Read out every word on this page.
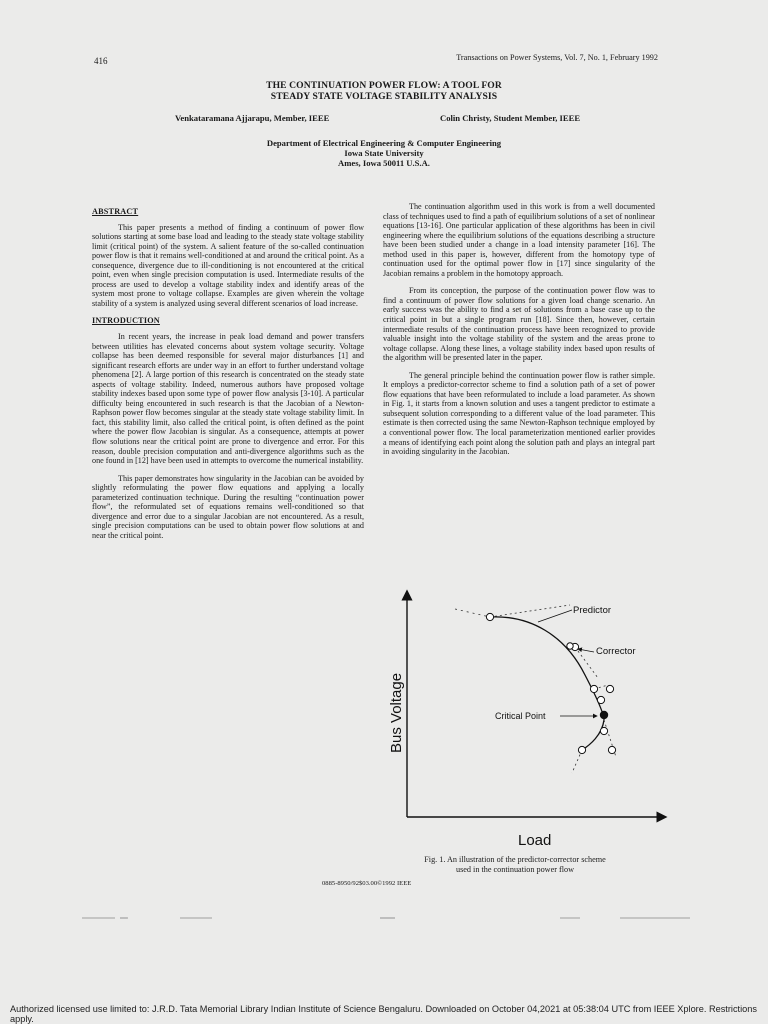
416	Transactions on Power Systems, Vol. 7, No. 1, February 1992
THE CONTINUATION POWER FLOW: A TOOL FOR
STEADY STATE VOLTAGE STABILITY ANALYSIS
Venkataramana Ajjarapu, Member, IEEE	Colin Christy, Student Member, IEEE
Department of Electrical Engineering & Computer Engineering
Iowa State University
Ames, Iowa 50011 U.S.A.
ABSTRACT

This paper presents a method of finding a continuum of power flow solutions starting at some base load and leading to the steady state voltage stability limit (critical point) of the system. A salient feature of the so-called continuation power flow is that it remains well-conditioned at and around the critical point. As a consequence, divergence due to ill-conditioning is not encountered at the critical point, even when single precision computation is used. Intermediate results of the process are used to develop a voltage stability index and identify areas of the system most prone to voltage collapse. Examples are given wherein the voltage stability of a system is analyzed using several different scenarios of load increase.

INTRODUCTION

In recent years, the increase in peak load demand and power transfers between utilities has elevated concerns about system voltage security. Voltage collapse has been deemed responsible for several major disturbances [1] and significant research efforts are under way in an effort to further understand voltage phenomena [2]. A large portion of this research is concentrated on the steady state aspects of voltage stability. Indeed, numerous authors have proposed voltage stability indexes based upon some type of power flow analysis [3-10]. A particular difficulty being encountered in such research is that the Jacobian of a Newton-Raphson power flow becomes singular at the steady state voltage stability limit. In fact, this stability limit, also called the critical point, is often defined as the point where the power flow Jacobian is singular. As a consequence, attempts at power flow solutions near the critical point are prone to divergence and error. For this reason, double precision computation and anti-divergence algorithms such as the one found in [12] have been used in attempts to overcome the numerical instability.

This paper demonstrates how singularity in the Jacobian can be avoided by slightly reformulating the power flow equations and applying a locally parameterized continuation technique. During the resulting “continuation power flow”, the reformulated set of equations remains well-conditioned so that divergence and error due to a singular Jacobian are not encountered. As a result, single precision computations can be used to obtain power flow solutions at and near the critical point.

The continuation algorithm used in this work is from a well documented class of techniques used to find a path of equilibrium solutions of a set of nonlinear equations [13-16]. One particular application of these algorithms has been in civil engineering where the equilibrium solutions of the equations describing a structure have been been studied under a change in a load intensity parameter [16]. The method used in this paper is, however, different from the homotopy type of continuation used for the optimal power flow in [17] since singularity of the Jacobian remains a problem in the homotopy approach.

From its conception, the purpose of the continuation power flow was to find a continuum of power flow solutions for a given load change scenario. An early success was the ability to find a set of solutions from a base case up to the critical point in but a single program run [18]. Since then, however, certain intermediate results of the continuation process have been recognized to provide valuable insight into the voltage stability of the system and the areas prone to voltage collapse. Along these lines, a voltage stability index based upon results of the algorithm will be presented later in the paper.

The general principle behind the continuation power flow is rather simple. It employs a predictor-corrector scheme to find a solution path of a set of power flow equations that have been reformulated to include a load parameter. As shown in Fig. 1, it starts from a known solution and uses a tangent predictor to estimate a subsequent solution corresponding to a different value of the load parameter. This estimate is then corrected using the same Newton-Raphson technique employed by a conventional power flow. The local parameterization mentioned earlier provides a means of identifying each point along the solution path and plays an integral part in avoiding singularity in the Jacobian.

Predictor
Corrector
Critical Point
Bus Voltage
Load
Fig. 1. An illustration of the predictor-corrector scheme
used in the continuation power flow
0885-8950/92$03.00©1992 IEEE
Authorized licensed use limited to: J.R.D. Tata Memorial Library Indian Institute of Science Bengaluru. Downloaded on October 04,2021 at 05:38:04 UTC from IEEE Xplore. Restrictions apply.
